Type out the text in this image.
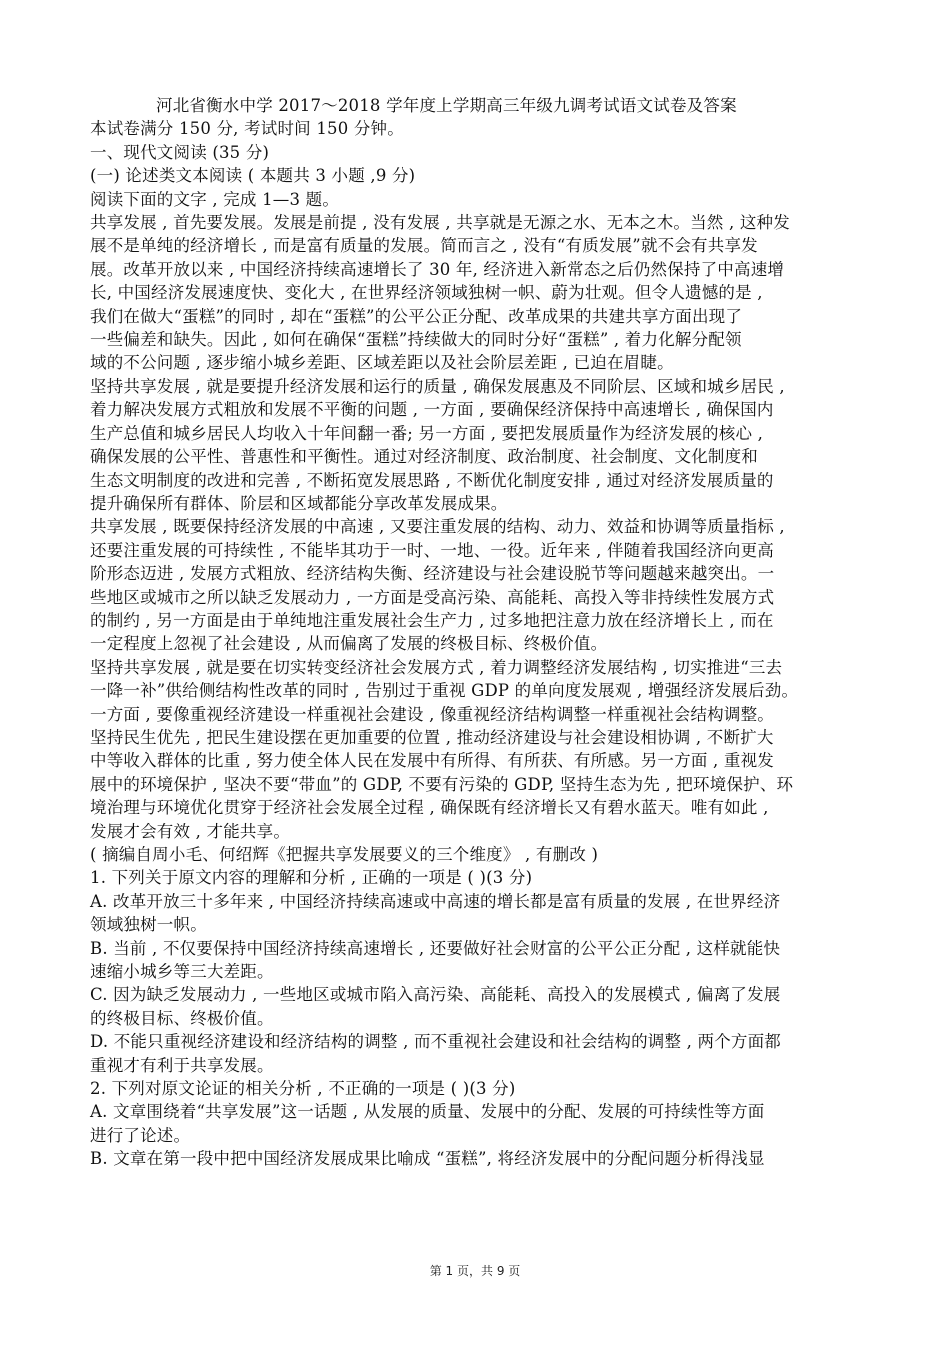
河北省衡水中学 2017～2018 学年度上学期高三年级九调考试语文试卷及答案

本试卷满分 150 分, 考试时间 150 分钟。

一、现代文阅读 (35 分)

(一) 论述类文本阅读 ( 本题共 3 小题 ,9 分)

阅读下面的文字 , 完成 1—3 题。

共享发展 , 首先要发展。发展是前提 , 没有发展 , 共享就是无源之水、无本之木。当然 , 这种发

展不是单纯的经济增长 , 而是富有质量的发展。简而言之 , 没有“有质发展”就不会有共享发

展。改革开放以来 , 中国经济持续高速增长了 30 年, 经济进入新常态之后仍然保持了中高速增

长, 中国经济发展速度快、变化大 , 在世界经济领域独树一帜、蔚为壮观。但令人遗憾的是 ,

我们在做大“蛋糕”的同时 , 却在“蛋糕”的公平公正分配、改革成果的共建共享方面出现了

一些偏差和缺失。因此 , 如何在确保“蛋糕”持续做大的同时分好“蛋糕” , 着力化解分配领

域的不公问题 , 逐步缩小城乡差距、区域差距以及社会阶层差距 , 已迫在眉睫。

坚持共享发展 , 就是要提升经济发展和运行的质量 , 确保发展惠及不同阶层、区域和城乡居民 ,

着力解决发展方式粗放和发展不平衡的问题 , 一方面 , 要确保经济保持中高速增长 , 确保国内

生产总值和城乡居民人均收入十年间翻一番; 另一方面 , 要把发展质量作为经济发展的核心 ,

确保发展的公平性、普惠性和平衡性。通过对经济制度、政治制度、社会制度、文化制度和

生态文明制度的改进和完善 , 不断拓宽发展思路 , 不断优化制度安排 , 通过对经济发展质量的

提升确保所有群体、阶层和区域都能分享改革发展成果。

共享发展 , 既要保持经济发展的中高速 , 又要注重发展的结构、动力、效益和协调等质量指标 ,

还要注重发展的可持续性 , 不能毕其功于一时、一地、一役。近年来 , 伴随着我国经济向更高

阶形态迈进 , 发展方式粗放、经济结构失衡、经济建设与社会建设脱节等问题越来越突出。一

些地区或城市之所以缺乏发展动力 , 一方面是受高污染、高能耗、高投入等非持续性发展方式

的制约 , 另一方面是由于单纯地注重发展社会生产力 , 过多地把注意力放在经济增长上 , 而在

一定程度上忽视了社会建设 , 从而偏离了发展的终极目标、终极价值。

坚持共享发展 , 就是要在切实转变经济社会发展方式 , 着力调整经济发展结构 , 切实推进“三去

一降一补”供给侧结构性改革的同时 , 告别过于重视 GDP 的单向度发展观 , 增强经济发展后劲。

一方面 , 要像重视经济建设一样重视社会建设 , 像重视经济结构调整一样重视社会结构调整。

坚持民生优先 , 把民生建设摆在更加重要的位置 , 推动经济建设与社会建设相协调 , 不断扩大

中等收入群体的比重 , 努力使全体人民在发展中有所得、有所获、有所感。另一方面 , 重视发

展中的环境保护 , 坚决不要“带血”的 GDP, 不要有污染的 GDP, 坚持生态为先 , 把环境保护、环

境治理与环境优化贯穿于经济社会发展全过程 , 确保既有经济增长又有碧水蓝天。唯有如此 ,

发展才会有效 , 才能共享。

( 摘编自周小毛、何绍辉《把握共享发展要义的三个维度》 , 有删改 )

1. 下列关于原文内容的理解和分析 , 正确的一项是 ( )(3 分)

A. 改革开放三十多年来 , 中国经济持续高速或中高速的增长都是富有质量的发展 , 在世界经济

领域独树一帜。

B. 当前 , 不仅要保持中国经济持续高速增长 , 还要做好社会财富的公平公正分配 , 这样就能快

速缩小城乡等三大差距。

C. 因为缺乏发展动力 , 一些地区或城市陷入高污染、高能耗、高投入的发展模式 , 偏离了发展

的终极目标、终极价值。

D. 不能只重视经济建设和经济结构的调整 , 而不重视社会建设和社会结构的调整 , 两个方面都

重视才有利于共享发展。

2. 下列对原文论证的相关分析 , 不正确的一项是 ( )(3 分)

A. 文章围绕着“共享发展”这一话题 , 从发展的质量、发展中的分配、发展的可持续性等方面

进行了论述。

B. 文章在第一段中把中国经济发展成果比喻成 “蛋糕”, 将经济发展中的分配问题分析得浅显

第 1 页，共 9 页
